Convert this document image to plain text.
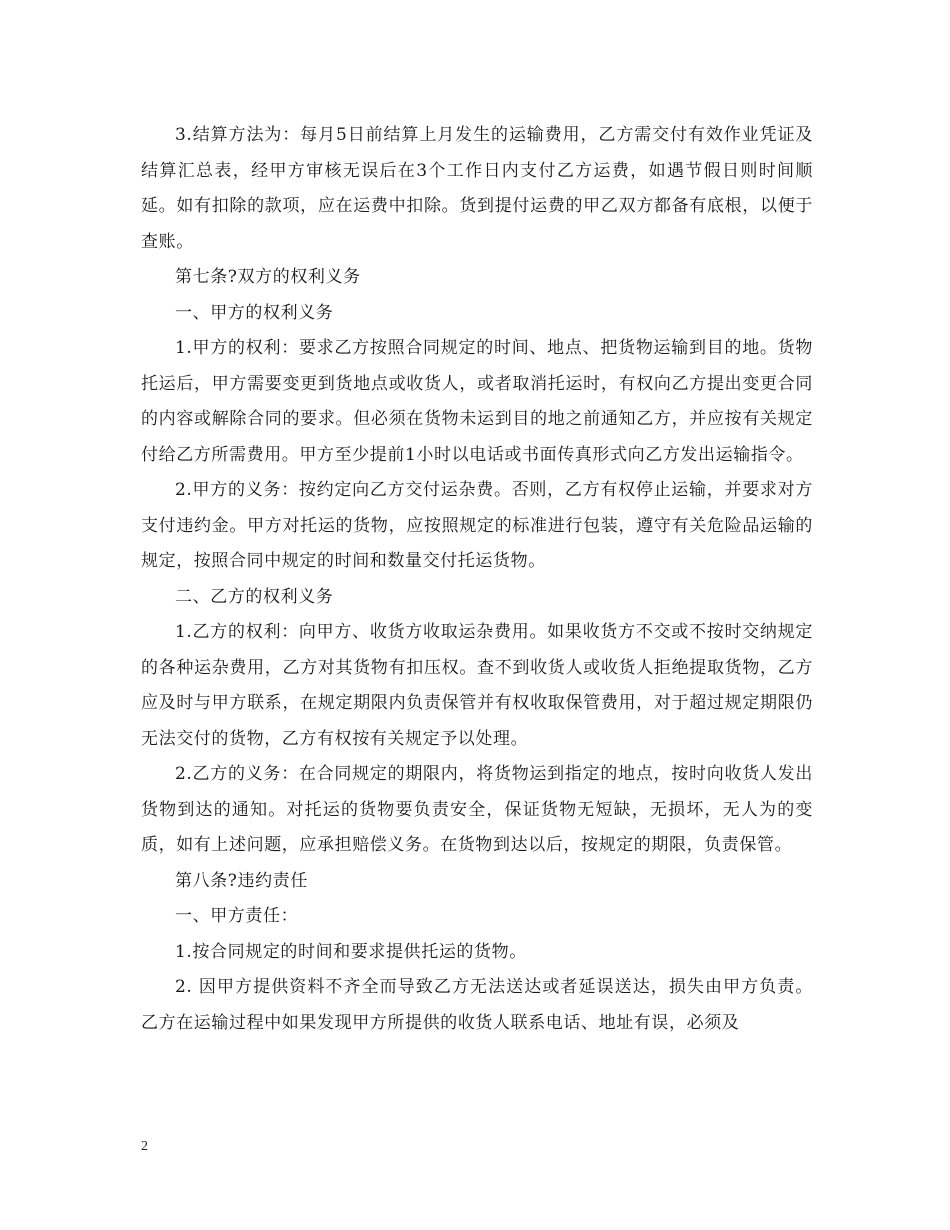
3.结算方法为：每月5日前结算上月发生的运输费用，乙方需交付有效作业凭证及结算汇总表，经甲方审核无误后在3个工作日内支付乙方运费，如遇节假日则时间顺延。如有扣除的款项，应在运费中扣除。货到提付运费的甲乙双方都备有底根，以便于查账。

第七条?双方的权利义务

一、甲方的权利义务

1.甲方的权利：要求乙方按照合同规定的时间、地点、把货物运输到目的地。货物托运后，甲方需要变更到货地点或收货人，或者取消托运时，有权向乙方提出变更合同的内容或解除合同的要求。但必须在货物未运到目的地之前通知乙方，并应按有关规定付给乙方所需费用。甲方至少提前1小时以电话或书面传真形式向乙方发出运输指令。

2.甲方的义务：按约定向乙方交付运杂费。否则，乙方有权停止运输，并要求对方支付违约金。甲方对托运的货物，应按照规定的标准进行包装，遵守有关危险品运输的规定，按照合同中规定的时间和数量交付托运货物。

二、乙方的权利义务

1.乙方的权利：向甲方、收货方收取运杂费用。如果收货方不交或不按时交纳规定的各种运杂费用，乙方对其货物有扣压权。查不到收货人或收货人拒绝提取货物，乙方应及时与甲方联系，在规定期限内负责保管并有权收取保管费用，对于超过规定期限仍无法交付的货物，乙方有权按有关规定予以处理。

2.乙方的义务：在合同规定的期限内，将货物运到指定的地点，按时向收货人发出货物到达的通知。对托运的货物要负责安全，保证货物无短缺，无损坏，无人为的变质，如有上述问题，应承担赔偿义务。在货物到达以后，按规定的期限，负责保管。

第八条?违约责任

一、甲方责任：

1.按合同规定的时间和要求提供托运的货物。

2. 因甲方提供资料不齐全而导致乙方无法送达或者延误送达，损失由甲方负责。乙方在运输过程中如果发现甲方所提供的收货人联系电话、地址有误，必须及

2
